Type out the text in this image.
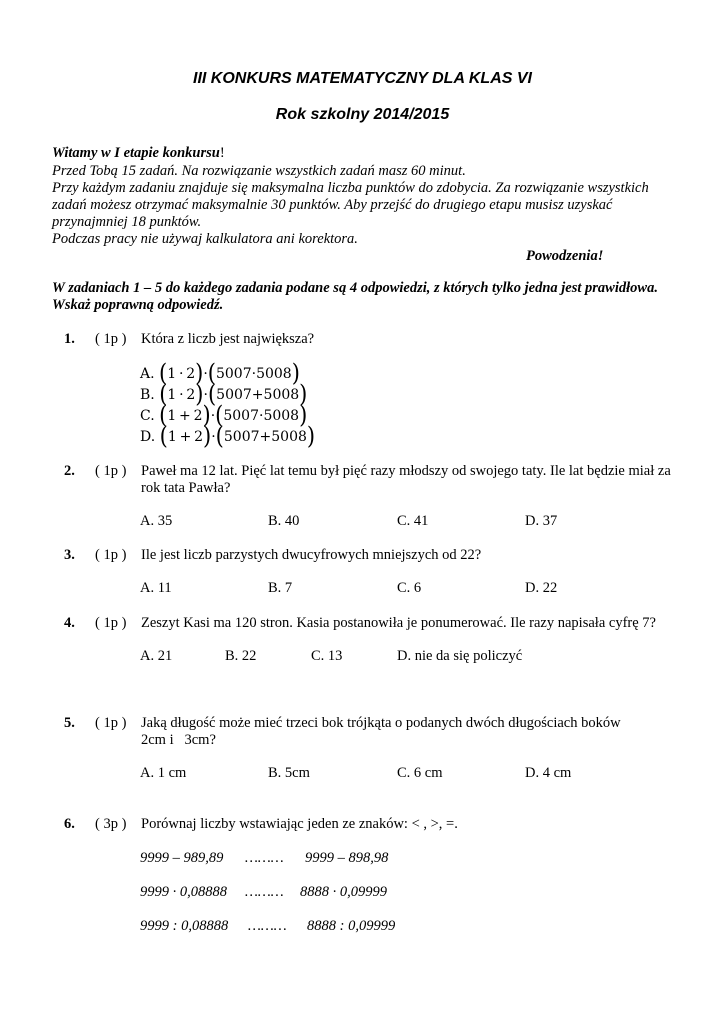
III KONKURS MATEMATYCZNY DLA KLAS VI
Rok szkolny 2014/2015
Witamy w I etapie konkursu!
Przed Tobą 15 zadań. Na rozwiązanie wszystkich zadań masz 60 minut.
Przy każdym zadaniu znajduje się maksymalna liczba punktów do zdobycia. Za rozwiązanie wszystkich
zadań możesz otrzymać maksymalnie 30 punktów. Aby przejść do drugiego etapu musisz uzyskać
przynajmniej 18 punktów.
Podczas pracy nie używaj kalkulatora ani korektora.
Powodzenia!
W zadaniach 1 – 5 do każdego zadania podane są 4 odpowiedzi, z których tylko jedna jest prawidłowa.
Wskaż poprawną odpowiedź.
1. ( 1p ) Która z liczb jest największa?
A. (1  ·  2)·(5007·5008)
B. (1  ·  2)·(5007+5008)
C. (1  +  2)·(5007·5008)
D. (1  +  2)·(5007+5008)
2. ( 1p ) Paweł ma 12 lat. Pięć lat temu był pięć razy młodszy od swojego taty. Ile lat będzie miał za
rok tata Pawła?
A. 35	B. 40	C. 41	D. 37
3. ( 1p ) Ile jest liczb parzystych dwucyfrowych mniejszych od 22?
A. 11	B. 7	C. 6	D. 22
4. ( 1p ) Zeszyt Kasi ma 120 stron. Kasia postanowiła je ponumerować. Ile razy napisała cyfrę 7?
A. 21	B. 22	C. 13	D. nie da się policzyć
5. ( 1p ) Jaką długość może mieć trzeci bok trójkąta o podanych dwóch długościach boków
2cm i   3cm?
A. 1 cm	B. 5cm	C. 6 cm	D. 4 cm
6. ( 3p ) Porównaj liczby wstawiając jeden ze znaków: < , >, =.
9999 – 989,89 ……… 9999 – 898,98
9999 · 0,08888 ……… 8888 · 0,09999
9999 : 0,08888 ……… 8888 : 0,09999
